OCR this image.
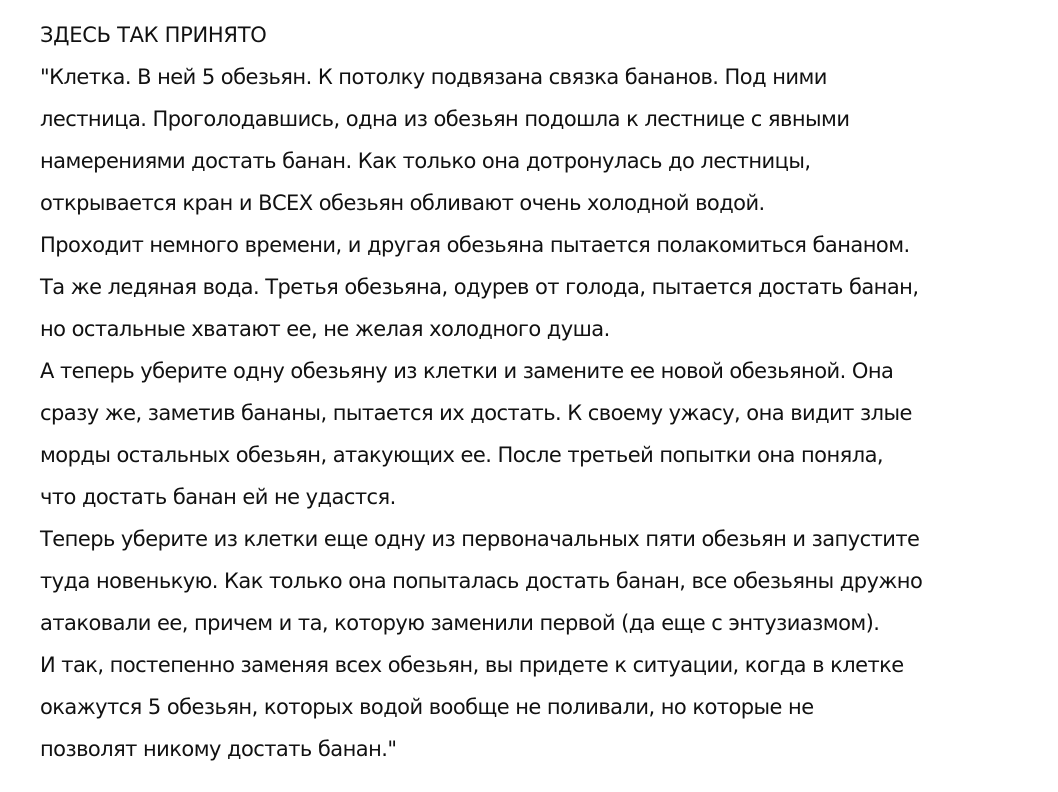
ЗДЕСЬ ТАК ПРИНЯТО
"Клетка. В ней 5 обезьян. К потолку подвязана связка бананов. Под ними
лестница. Проголодавшись, одна из обезьян подошла к лестнице с явными
намерениями достать банан. Как только она дотронулась до лестницы,
открывается кран и ВСЕХ обезьян обливают очень холодной водой.
Проходит немного времени, и другая обезьяна пытается полакомиться бананом.
Та же ледяная вода. Третья обезьяна, одурев от голода, пытается достать банан,
но остальные хватают ее, не желая холодного душа.
А теперь уберите одну обезьяну из клетки и замените ее новой обезьяной. Она
сразу же, заметив бананы, пытается их достать. К своему ужасу, она видит злые
морды остальных обезьян, атакующих ее. После третьей попытки она поняла,
что достать банан ей не удастся.
Теперь уберите из клетки еще одну из первоначальных пяти обезьян и запустите
туда новенькую. Как только она попыталась достать банан, все обезьяны дружно
атаковали ее, причем и та, которую заменили первой (да еще с энтузиазмом).
И так, постепенно заменяя всех обезьян, вы придете к ситуации, когда в клетке
окажутся 5 обезьян, которых водой вообще не поливали, но которые не
позволят никому достать банан."
